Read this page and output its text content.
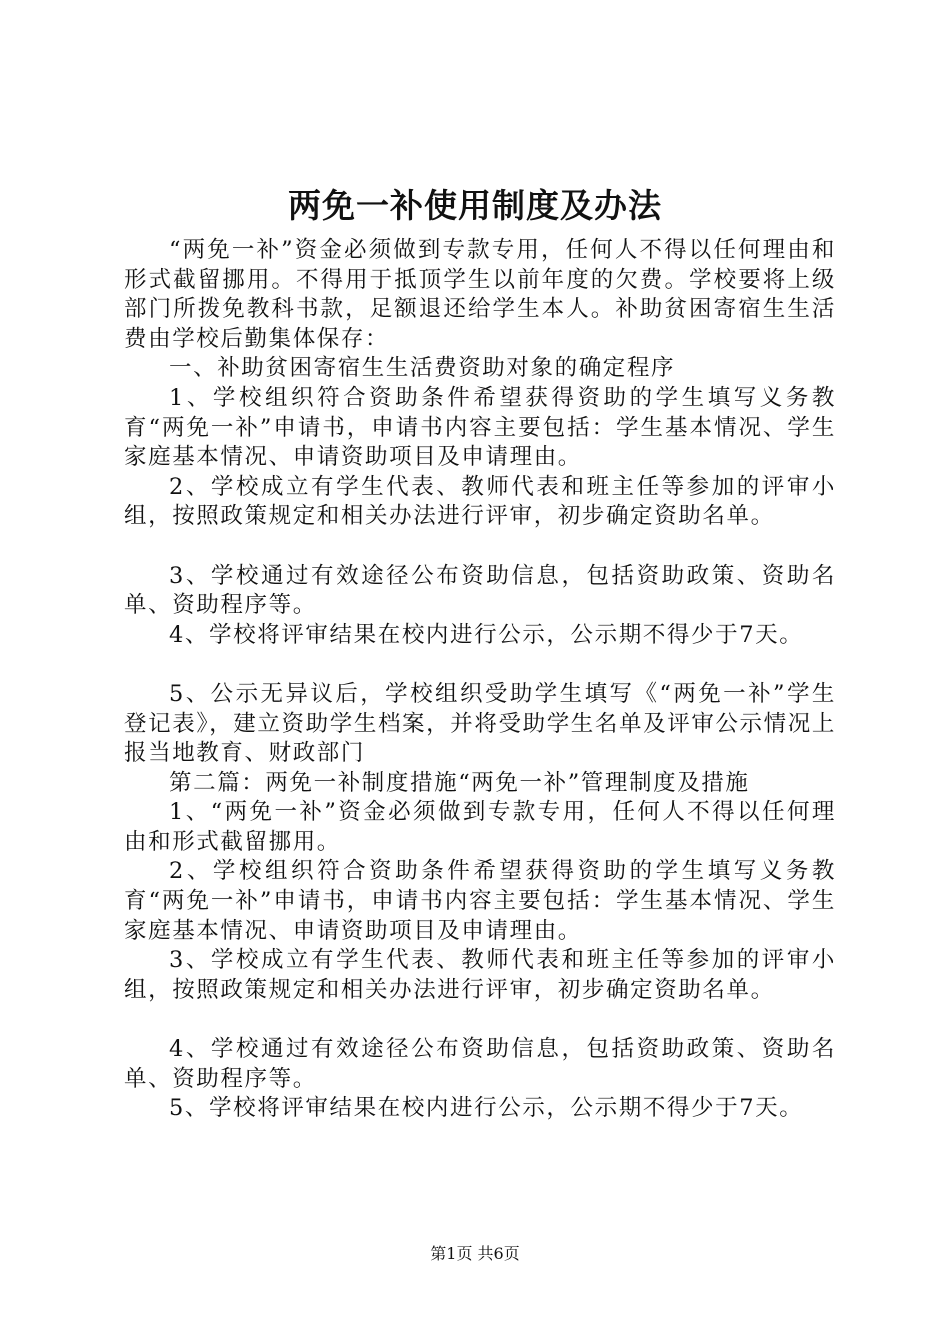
两免一补使用制度及办法

“两免一补”资金必须做到专款专用，任何人不得以任何理由和形式截留挪用。不得用于抵顶学生以前年度的欠费。学校要将上级部门所拨免教科书款，足额退还给学生本人。补助贫困寄宿生生活费由学校后勤集体保存：

一、补助贫困寄宿生生活费资助对象的确定程序

1、学校组织符合资助条件希望获得资助的学生填写义务教育“两免一补”申请书，申请书内容主要包括：学生基本情况、学生家庭基本情况、申请资助项目及申请理由。

2、学校成立有学生代表、教师代表和班主任等参加的评审小组，按照政策规定和相关办法进行评审，初步确定资助名单。

3、学校通过有效途径公布资助信息，包括资助政策、资助名单、资助程序等。

4、学校将评审结果在校内进行公示，公示期不得少于7天。

5、公示无异议后，学校组织受助学生填写《“两免一补”学生登记表》，建立资助学生档案，并将受助学生名单及评审公示情况上报当地教育、财政部门

第二篇：两免一补制度措施“两免一补”管理制度及措施

1、“两免一补”资金必须做到专款专用，任何人不得以任何理由和形式截留挪用。

2、学校组织符合资助条件希望获得资助的学生填写义务教育“两免一补”申请书，申请书内容主要包括：学生基本情况、学生家庭基本情况、申请资助项目及申请理由。

3、学校成立有学生代表、教师代表和班主任等参加的评审小组，按照政策规定和相关办法进行评审，初步确定资助名单。

4、学校通过有效途径公布资助信息，包括资助政策、资助名单、资助程序等。

5、学校将评审结果在校内进行公示，公示期不得少于7天。

第1页 共6页
